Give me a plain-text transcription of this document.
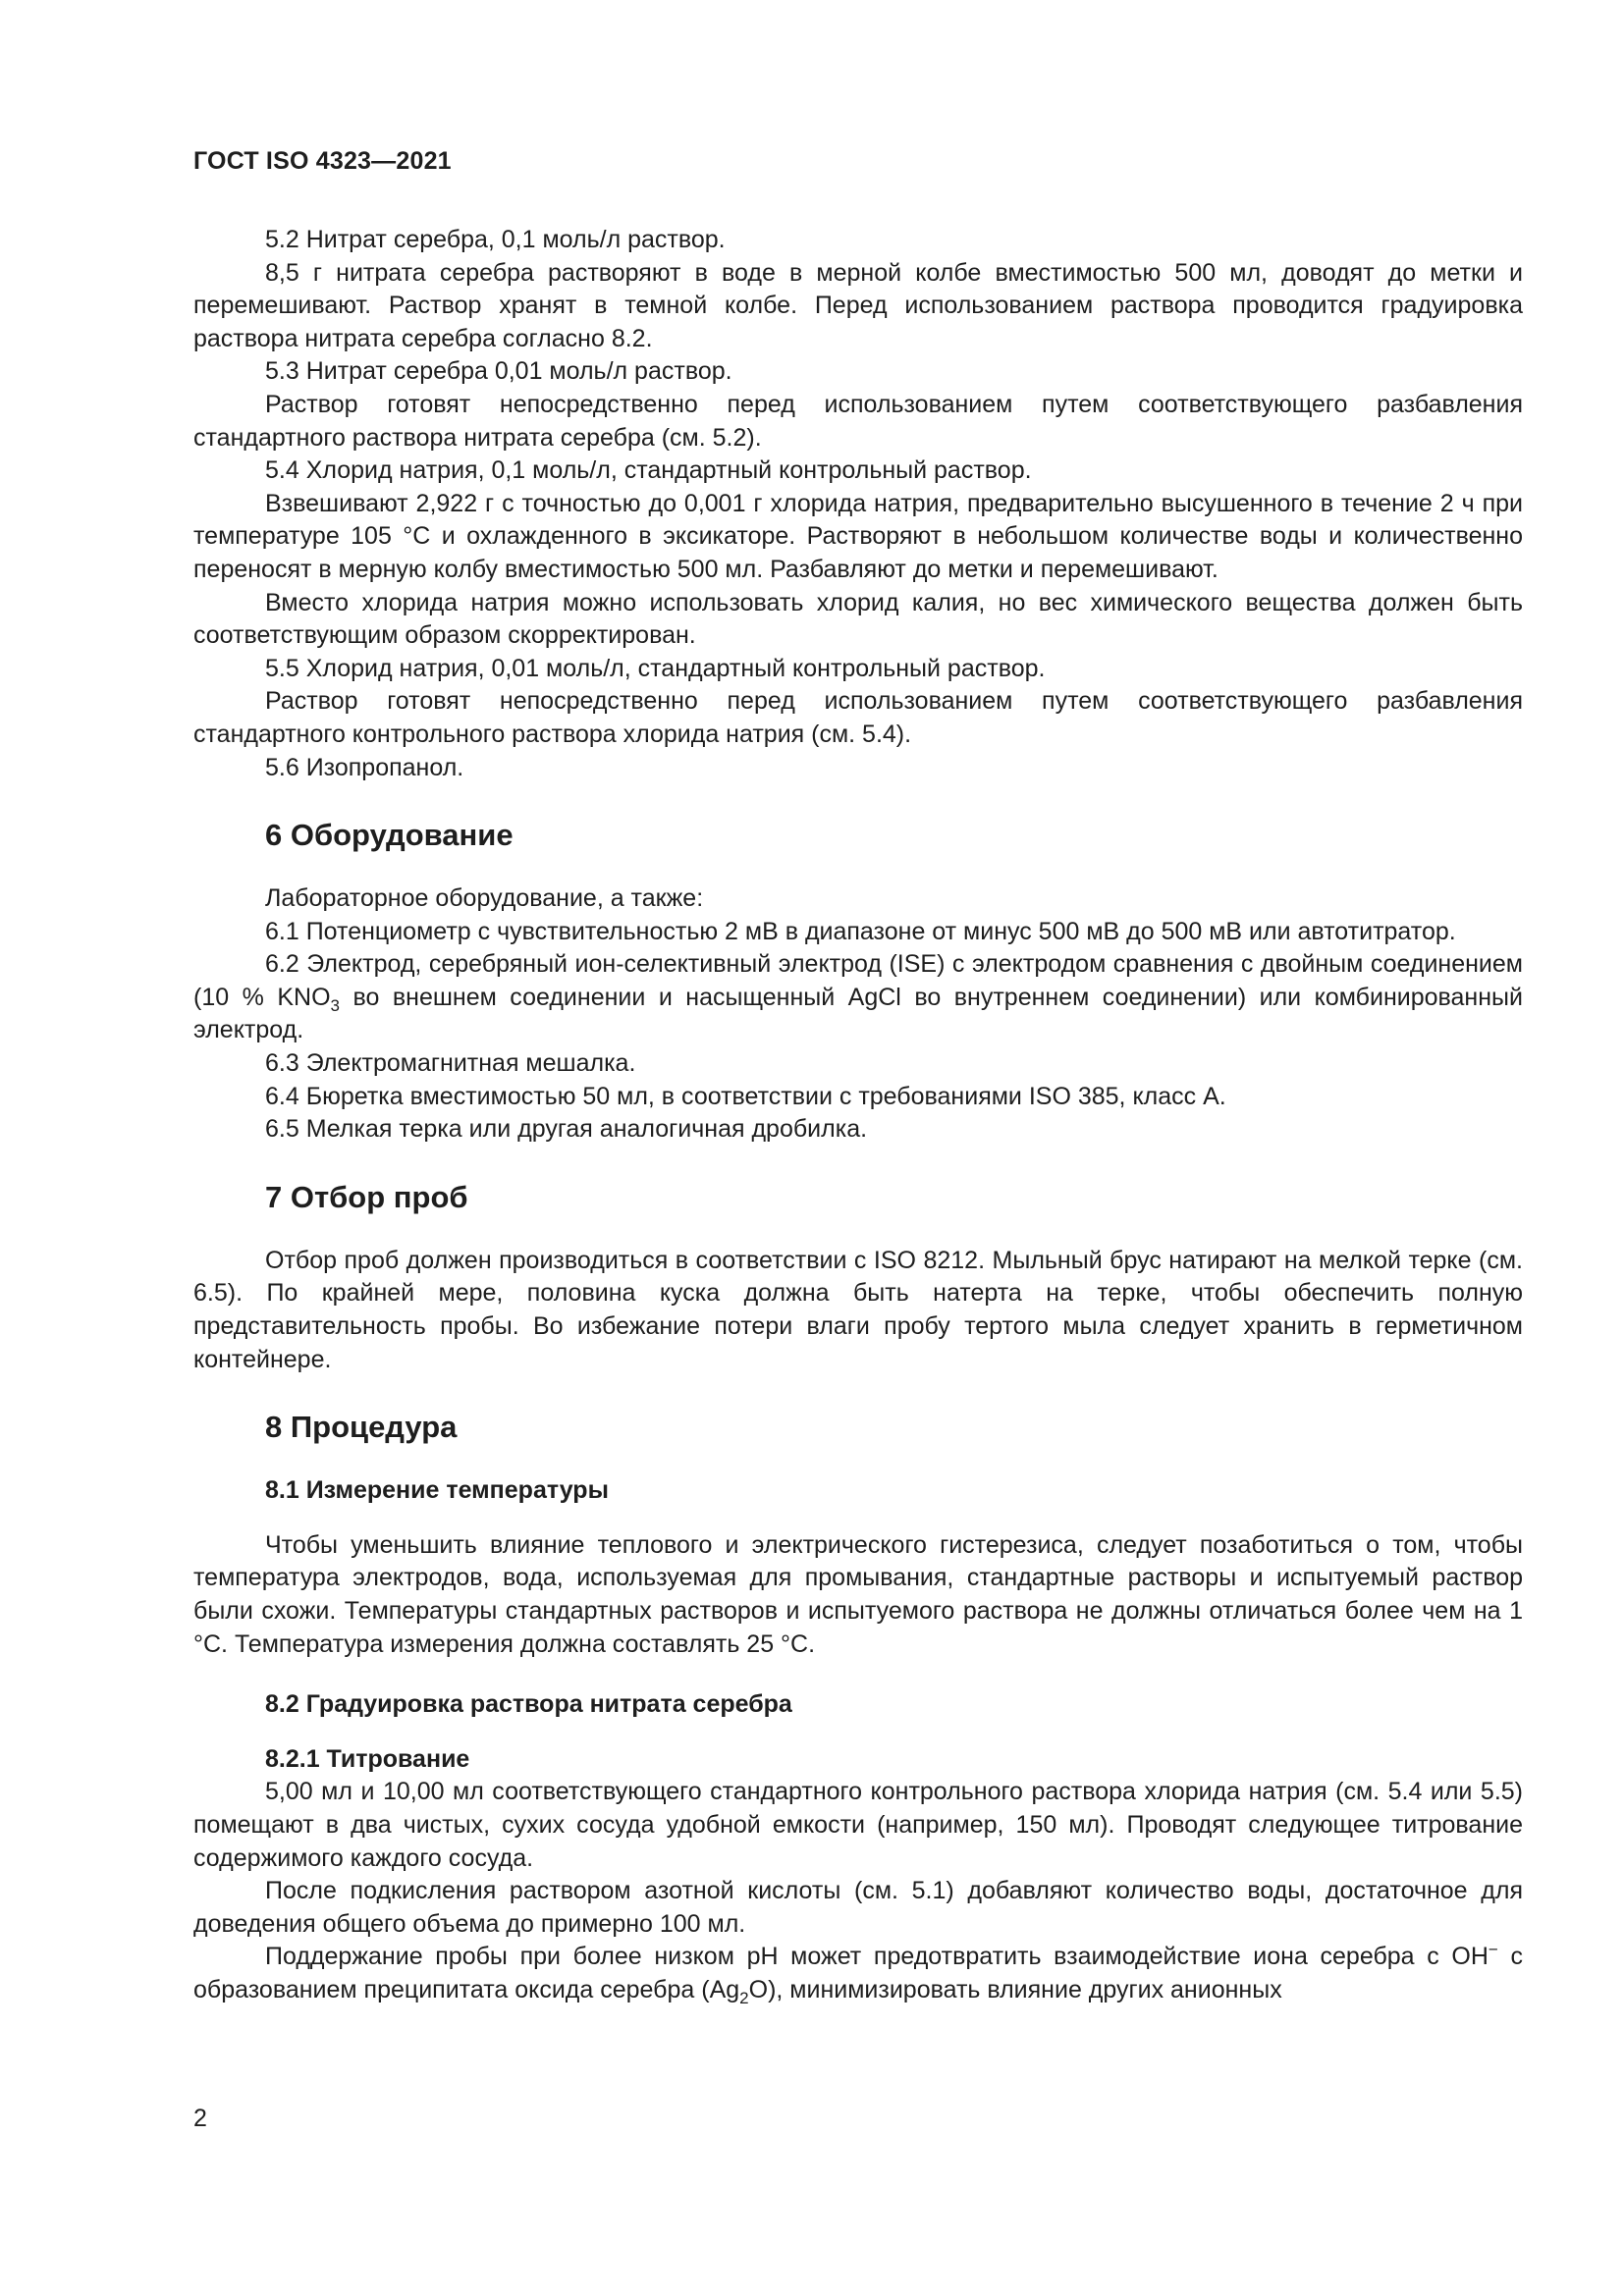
ГОСТ ISO 4323—2021

5.2 Нитрат серебра, 0,1 моль/л раствор.

8,5 г нитрата серебра растворяют в воде в мерной колбе вместимостью 500 мл, доводят до метки и перемешивают. Раствор хранят в темной колбе. Перед использованием раствора проводится градуировка раствора нитрата серебра согласно 8.2.

5.3 Нитрат серебра 0,01 моль/л раствор.

Раствор готовят непосредственно перед использованием путем соответствующего разбавления стандартного раствора нитрата серебра (см. 5.2).

5.4 Хлорид натрия, 0,1 моль/л, стандартный контрольный раствор.

Взвешивают 2,922 г с точностью до 0,001 г хлорида натрия, предварительно высушенного в течение 2 ч при температуре 105 °С и охлажденного в эксикаторе. Растворяют в небольшом количестве воды и количественно переносят в мерную колбу вместимостью 500 мл. Разбавляют до метки и перемешивают.

Вместо хлорида натрия можно использовать хлорид калия, но вес химического вещества должен быть соответствующим образом скорректирован.

5.5 Хлорид натрия, 0,01 моль/л, стандартный контрольный раствор.

Раствор готовят непосредственно перед использованием путем соответствующего разбавления стандартного контрольного раствора хлорида натрия (см. 5.4).

5.6 Изопропанол.

6 Оборудование

Лабораторное оборудование, а также:

6.1 Потенциометр с чувствительностью 2 мВ в диапазоне от минус 500 мВ до 500 мВ или автотитратор.

6.2 Электрод, серебряный ион-селективный электрод (ISE) с электродом сравнения с двойным соединением (10 % $KNO_3$ во внешнем соединении и насыщенный AgCl во внутреннем соединении) или комбинированный электрод.

6.3 Электромагнитная мешалка.

6.4 Бюретка вместимостью 50 мл, в соответствии с требованиями ISO 385, класс А.

6.5 Мелкая терка или другая аналогичная дробилка.

7 Отбор проб

Отбор проб должен производиться в соответствии с ISO 8212. Мыльный брус натирают на мелкой терке (см. 6.5). По крайней мере, половина куска должна быть натерта на терке, чтобы обеспечить полную представительность пробы. Во избежание потери влаги пробу тертого мыла следует хранить в герметичном контейнере.

8 Процедура
8.1 Измерение температуры

Чтобы уменьшить влияние теплового и электрического гистерезиса, следует позаботиться о том, чтобы температура электродов, вода, используемая для промывания, стандартные растворы и испытуемый раствор были схожи. Температуры стандартных растворов и испытуемого раствора не должны отличаться более чем на 1 °С. Температура измерения должна составлять 25 °С.

8.2 Градуировка раствора нитрата серебра
8.2.1 Титрование

5,00 мл и 10,00 мл соответствующего стандартного контрольного раствора хлорида натрия (см. 5.4 или 5.5) помещают в два чистых, сухих сосуда удобной емкости (например, 150 мл). Проводят следующее титрование содержимого каждого сосуда.

После подкисления раствором азотной кислоты (см. 5.1) добавляют количество воды, достаточное для доведения общего объема до примерно 100 мл.

Поддержание пробы при более низком рН может предотвратить взаимодействие иона серебра с ОН− с образованием преципитата оксида серебра $(Ag_2O)$, минимизировать влияние других анионных

2
